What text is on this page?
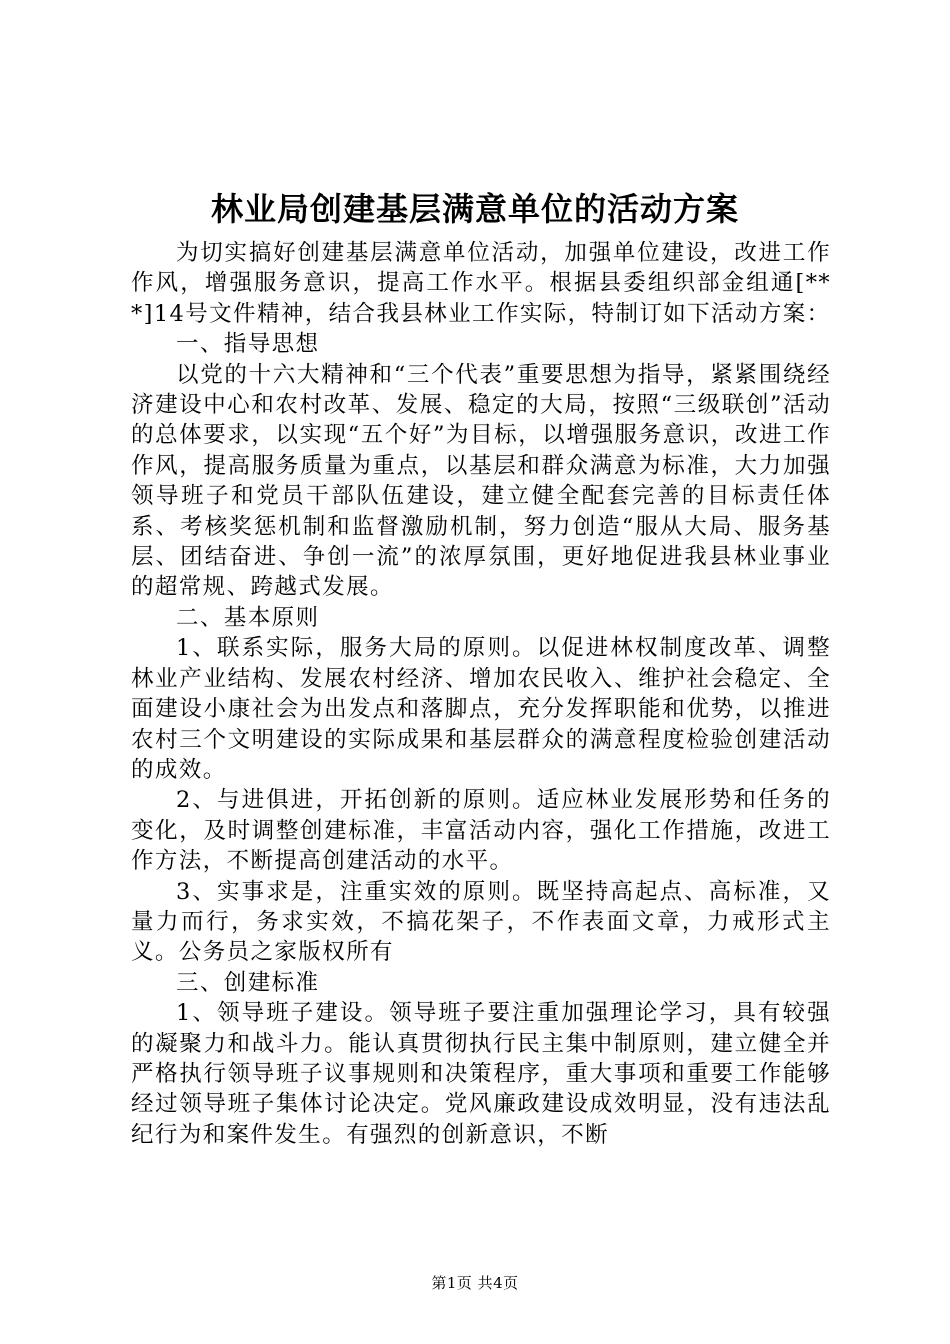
林业局创建基层满意单位的活动方案

为切实搞好创建基层满意单位活动，加强单位建设，改进工作作风，增强服务意识，提高工作水平。根据县委组织部金组通[***]14号文件精神，结合我县林业工作实际，特制订如下活动方案：

一、指导思想

以党的十六大精神和“三个代表”重要思想为指导，紧紧围绕经济建设中心和农村改革、发展、稳定的大局，按照“三级联创”活动的总体要求，以实现“五个好”为目标，以增强服务意识，改进工作作风，提高服务质量为重点，以基层和群众满意为标准，大力加强领导班子和党员干部队伍建设，建立健全配套完善的目标责任体系、考核奖惩机制和监督激励机制，努力创造“服从大局、服务基层、团结奋进、争创一流”的浓厚氛围，更好地促进我县林业事业的超常规、跨越式发展。

二、基本原则

1、联系实际，服务大局的原则。以促进林权制度改革、调整林业产业结构、发展农村经济、增加农民收入、维护社会稳定、全面建设小康社会为出发点和落脚点，充分发挥职能和优势，以推进农村三个文明建设的实际成果和基层群众的满意程度检验创建活动的成效。

2、与进俱进，开拓创新的原则。适应林业发展形势和任务的变化，及时调整创建标准，丰富活动内容，强化工作措施，改进工作方法，不断提高创建活动的水平。

3、实事求是，注重实效的原则。既坚持高起点、高标准，又量力而行，务求实效，不搞花架子，不作表面文章，力戒形式主义。公务员之家版权所有

三、创建标准

1、领导班子建设。领导班子要注重加强理论学习，具有较强的凝聚力和战斗力。能认真贯彻执行民主集中制原则，建立健全并严格执行领导班子议事规则和决策程序，重大事项和重要工作能够经过领导班子集体讨论决定。党风廉政建设成效明显，没有违法乱纪行为和案件发生。有强烈的创新意识，不断

第1页 共4页
